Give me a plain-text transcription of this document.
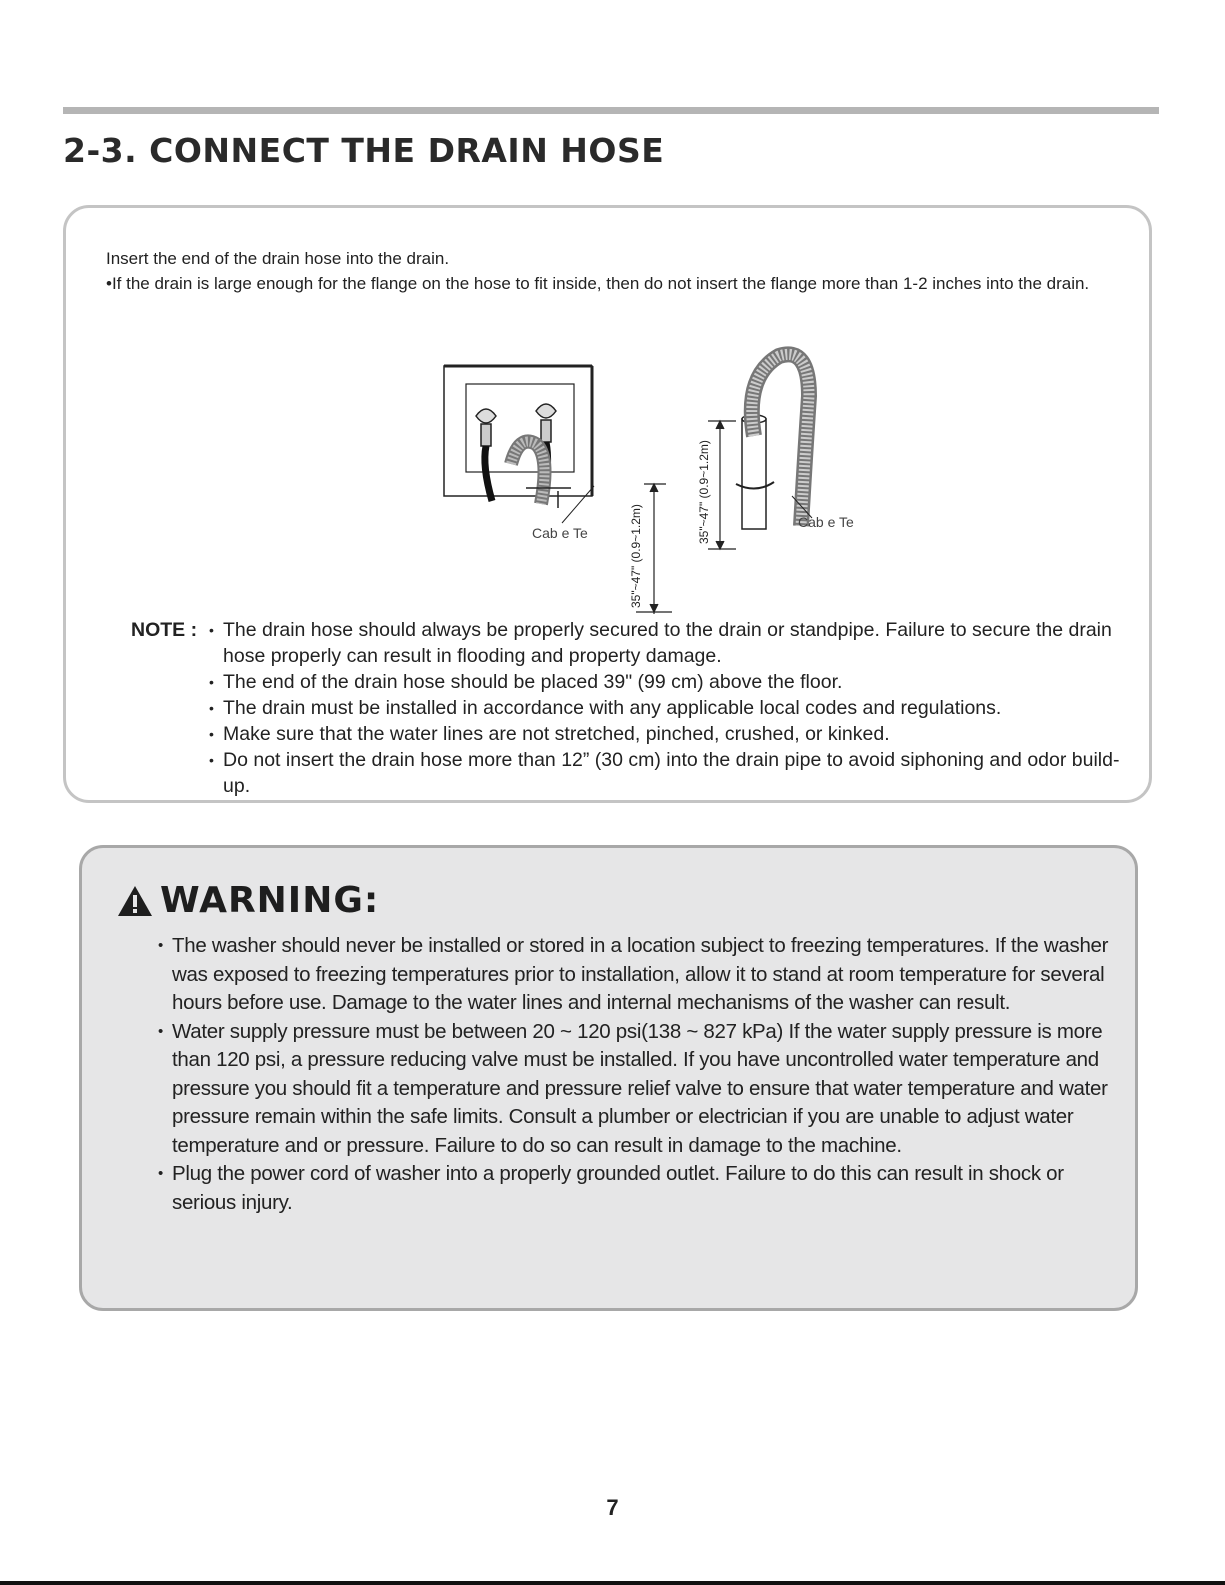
2-3. CONNECT THE DRAIN HOSE
Insert the end of the drain hose into the drain.
• If the drain is large enough for the flange on the hose to fit inside, then do not insert the flange more than 1-2 inches into the drain.
35"~47" (0.9~1.2m)
Cab e Te	35"~47" (0.9~1.2m)	Cab e Te
NOTE :
•	The drain hose should always be properly secured to the drain or standpipe. Failure to secure the drain hose properly can result in flooding and property damage.
• The end of the drain hose should be placed 39" (99 cm) above the floor.
• The drain must be installed in accordance with any applicable local codes and regulations.
• Make sure that the water lines are not stretched, pinched, crushed, or kinked.
• Do not insert the drain hose more than 12” (30 cm) into the drain pipe to avoid siphoning and odor build-up.
WARNING:
• The washer should never be installed or stored in a location subject to freezing temperatures. If the washer was exposed to freezing temperatures prior to installation, allow it to stand at room temperature for several hours before use. Damage to the water lines and internal mechanisms of the washer can result.
• Water supply pressure must be between 20 ~ 120 psi(138 ~ 827 kPa) If the water supply pressure is more than 120 psi, a pressure reducing valve must be installed. If you have uncontrolled water temperature and pressure you should fit a temperature and pressure relief valve to ensure that water temperature and water pressure remain within the safe limits. Consult a plumber or electrician if you are unable to adjust water temperature and or pressure. Failure to do so can result in damage to the machine.
• Plug the power cord of washer into a properly grounded outlet. Failure to do this can result in shock or serious injury.
7
